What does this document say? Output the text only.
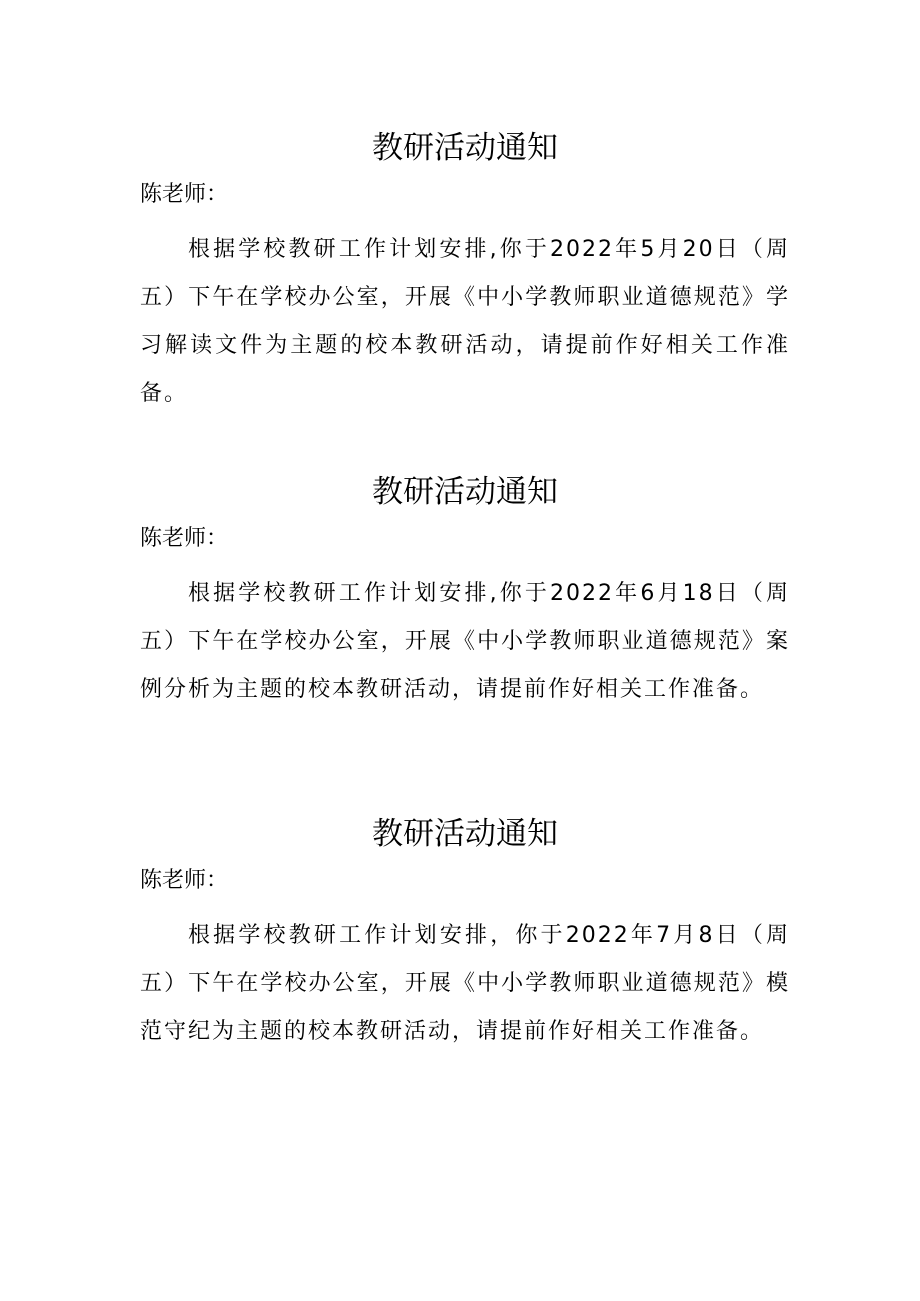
教研活动通知

陈老师：

根据学校教研工作计划安排,你于2022年5月20日（周五）下午在学校办公室，开展《中小学教师职业道德规范》学习解读文件为主题的校本教研活动，请提前作好相关工作准备。

教研活动通知

陈老师：

根据学校教研工作计划安排,你于2022年6月18日（周五）下午在学校办公室，开展《中小学教师职业道德规范》案例分析为主题的校本教研活动，请提前作好相关工作准备。

教研活动通知

陈老师：

根据学校教研工作计划安排，你于2022年7月8日（周五）下午在学校办公室，开展《中小学教师职业道德规范》模范守纪为主题的校本教研活动，请提前作好相关工作准备。
